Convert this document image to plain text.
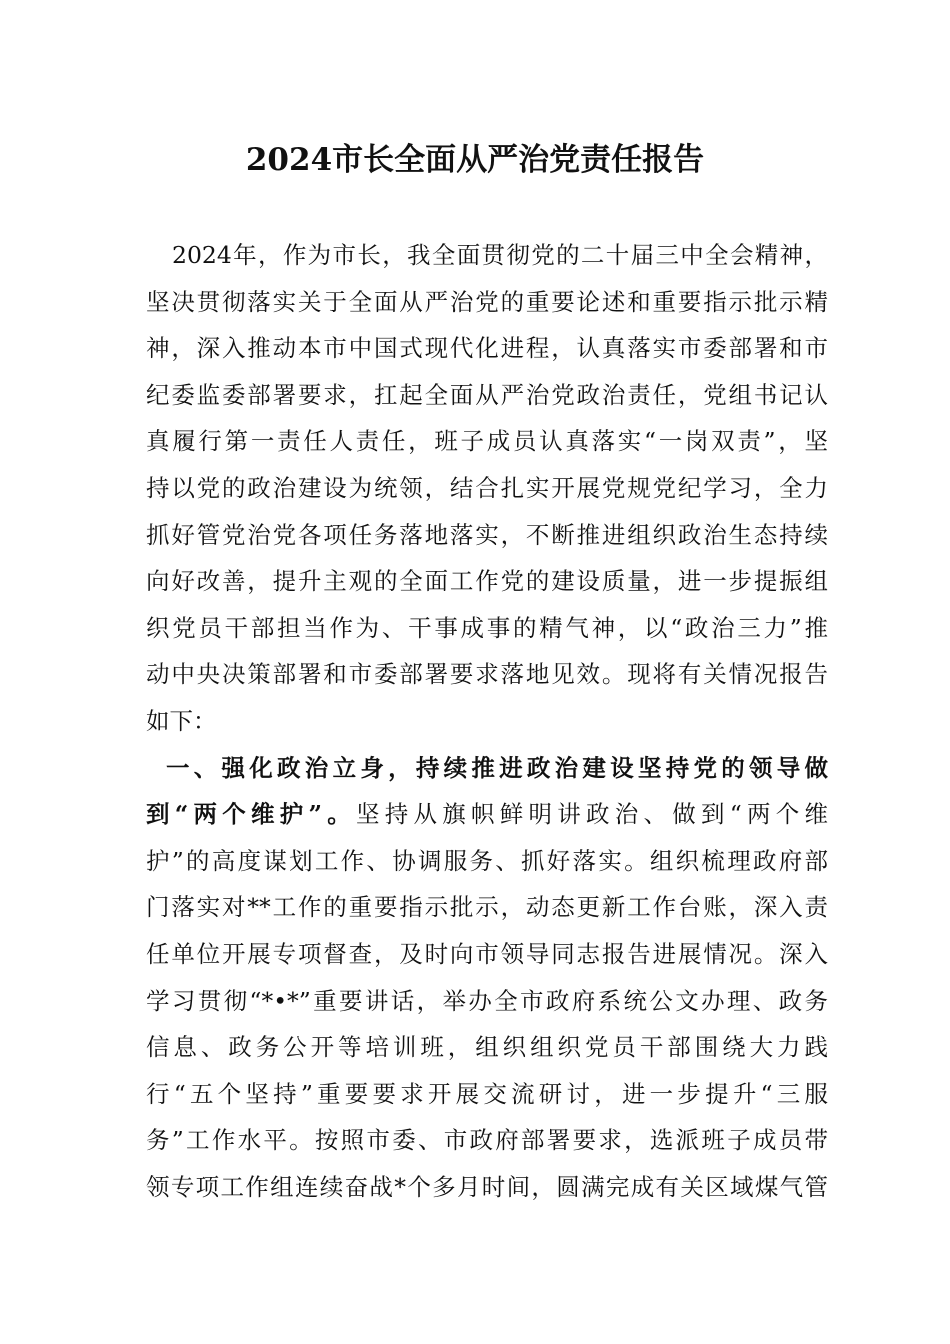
2024市长全面从严治党责任报告
2024年，作为市长，我全面贯彻党的二十届三中全会精神，
坚决贯彻落实关于全面从严治党的重要论述和重要指示批示精
神，深入推动本市中国式现代化进程，认真落实市委部署和市
纪委监委部署要求，扛起全面从严治党政治责任，党组书记认
真履行第一责任人责任，班子成员认真落实“一岗双责”，坚
持以党的政治建设为统领，结合扎实开展党规党纪学习，全力
抓好管党治党各项任务落地落实，不断推进组织政治生态持续
向好改善，提升主观的全面工作党的建设质量，进一步提振组
织党员干部担当作为、干事成事的精气神，以“政治三力”推
动中央决策部署和市委部署要求落地见效。现将有关情况报告
如下：
一、强化政治立身，持续推进政治建设坚持党的领导做
到“两个维护”。坚持从旗帜鲜明讲政治、做到“两个维
护”的高度谋划工作、协调服务、抓好落实。组织梳理政府部
门落实对**工作的重要指示批示，动态更新工作台账，深入责
任单位开展专项督查，及时向市领导同志报告进展情况。深入
学习贯彻“*•*”重要讲话，举办全市政府系统公文办理、政务
信息、政务公开等培训班，组织组织党员干部围绕大力践
行“五个坚持”重要要求开展交流研讨，进一步提升“三服
务”工作水平。按照市委、市政府部署要求，选派班子成员带
领专项工作组连续奋战*个多月时间，圆满完成有关区域煤气管
